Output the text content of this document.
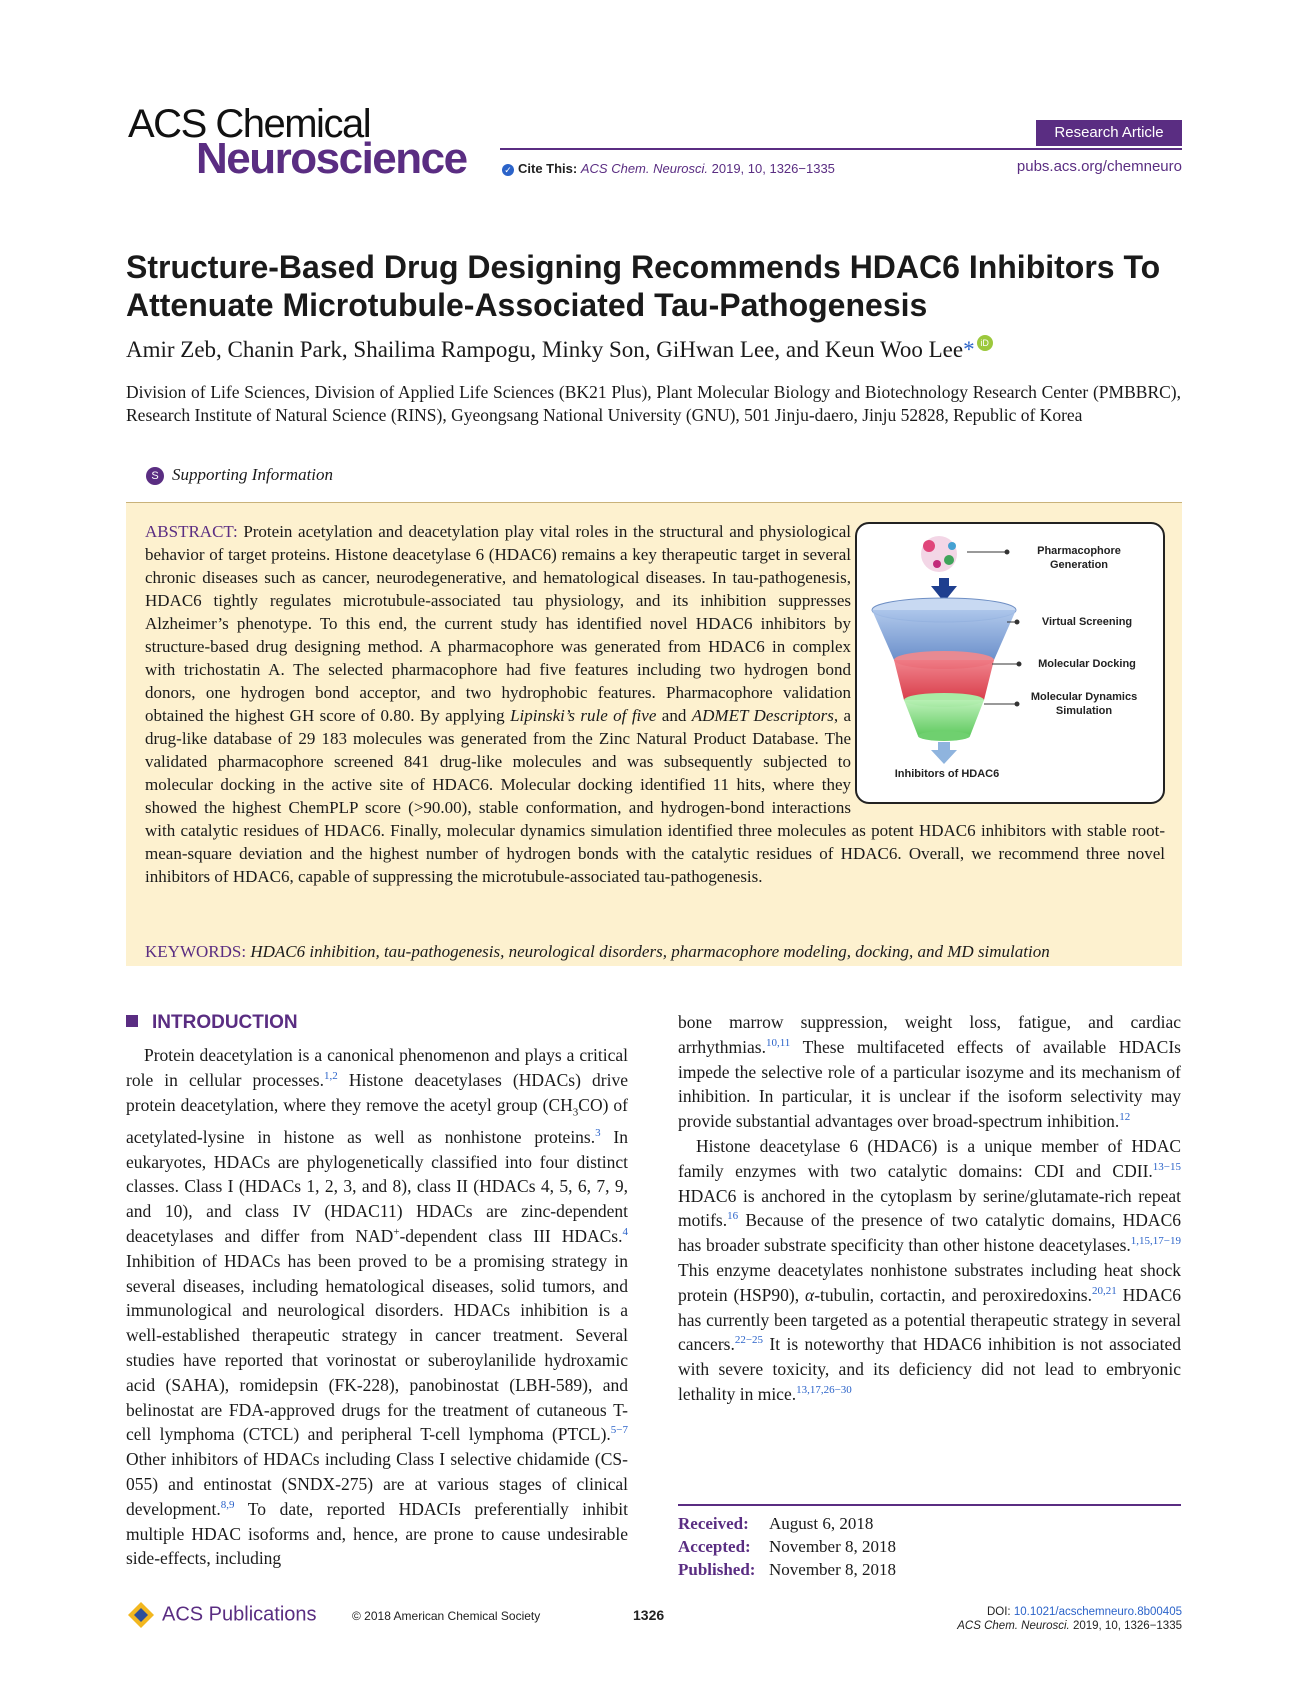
ACS Chemical
Neuroscience
Research Article
✓ Cite This: ACS Chem. Neurosci. 2019, 10, 1326−1335	pubs.acs.org/chemneuro
Structure-Based Drug Designing Recommends HDAC6 Inhibitors To Attenuate Microtubule-Associated Tau-Pathogenesis
Amir Zeb, Chanin Park, Shailima Rampogu, Minky Son, GiHwan Lee, and Keun Woo Lee* iD
Division of Life Sciences, Division of Applied Life Sciences (BK21 Plus), Plant Molecular Biology and Biotechnology Research Center (PMBBRC), Research Institute of Natural Science (RINS), Gyeongsang National University (GNU), 501 Jinju-daero, Jinju 52828, Republic of Korea
S Supporting Information
ABSTRACT: Protein acetylation and deacetylation play vital roles in the structural and physiological behavior of target proteins. Histone deacetylase 6 (HDAC6) remains a key therapeutic target in several chronic diseases such as cancer, neurodegenerative, and hematological diseases. In tau-pathogenesis, HDAC6 tightly regulates microtubule-associated tau physiology, and its inhibition suppresses Alzheimer’s phenotype. To this end, the current study has identified novel HDAC6 inhibitors by structure-based drug designing method. A pharmacophore was generated from HDAC6 in complex with trichostatin A. The selected pharmacophore had five features including two hydrogen bond donors, one hydrogen bond acceptor, and two hydrophobic features. Pharmacophore validation obtained the highest GH score of 0.80. By applying Lipinski’s rule of five and ADMET Descriptors, a drug-like database of 29 183 molecules was generated from the Zinc Natural Product Database. The validated pharmacophore screened 841 drug-like molecules and was subsequently subjected to molecular docking in the active site of HDAC6. Molecular docking identified 11 hits, where they showed the highest ChemPLP score (>90.00), stable conformation, and hydrogen-bond interactions with catalytic residues of HDAC6. Finally, molecular dynamics simulation identified three molecules as potent HDAC6 inhibitors with stable root-mean-square deviation and the highest number of hydrogen bonds with the catalytic residues of HDAC6. Overall, we recommend three novel inhibitors of HDAC6, capable of suppressing the microtubule-associated tau-pathogenesis.
KEYWORDS: HDAC6 inhibition, tau-pathogenesis, neurological disorders, pharmacophore modeling, docking, and MD simulation
Pharmacophore Generation
Virtual Screening
Molecular Docking
Molecular Dynamics Simulation
Inhibitors of HDAC6
INTRODUCTION

Protein deacetylation is a canonical phenomenon and plays a critical role in cellular processes.$^{1,2}$ Histone deacetylases (HDACs) drive protein deacetylation, where they remove the acetyl group $(CH_3CO)$ of acetylated-lysine in histone as well as nonhistone proteins.$^3$ In eukaryotes, HDACs are phylogenetically classified into four distinct classes. Class I (HDACs 1, 2, 3, and 8), class II (HDACs 4, 5, 6, 7, 9, and 10), and class IV (HDAC11) HDACs are zinc-dependent deacetylases and differ from NAD+-dependent class III HDACs.$^4$ Inhibition of HDACs has been proved to be a promising strategy in several diseases, including hematological diseases, solid tumors, and immunological and neurological disorders. HDACs inhibition is a well-established therapeutic strategy in cancer treatment. Several studies have reported that vorinostat or suberoylanilide hydroxamic acid (SAHA), romidepsin (FK-228), panobinostat (LBH-589), and belinostat are FDA-approved drugs for the treatment of cutaneous T-cell lymphoma (CTCL) and peripheral T-cell lymphoma (PTCL).$^{5-7}$ Other inhibitors of HDACs including Class I selective chidamide (CS-055) and entinostat (SNDX-275) are at various stages of clinical development.$^{8,9}$ To date, reported HDACIs preferentially inhibit multiple HDAC isoforms and, hence, are prone to cause undesirable side-effects, including

bone marrow suppression, weight loss, fatigue, and cardiac arrhythmias.$^{10,11}$ These multifaceted effects of available HDACIs impede the selective role of a particular isozyme and its mechanism of inhibition. In particular, it is unclear if the isoform selectivity may provide substantial advantages over broad-spectrum inhibition.$^{12}$

Histone deacetylase 6 (HDAC6) is a unique member of HDAC family enzymes with two catalytic domains: CDI and CDII.$^{13-15}$ HDAC6 is anchored in the cytoplasm by serine/glutamate-rich repeat motifs.$^{16}$ Because of the presence of two catalytic domains, HDAC6 has broader substrate specificity than other histone deacetylases.$^{1,15,17-19}$ This enzyme deacetylates nonhistone substrates including heat shock protein (HSP90), α-tubulin, cortactin, and peroxiredoxins.$^{20,21}$ HDAC6 has currently been targeted as a potential therapeutic strategy in several cancers.$^{22-25}$ It is noteworthy that HDAC6 inhibition is not associated with severe toxicity, and its deficiency did not lead to embryonic lethality in mice.$^{13,17,26-30}$

Received: August 6, 2018
Accepted: November 8, 2018
Published: November 8, 2018
ACS Publications	© 2018 American Chemical Society	1326	DOI: 10.1021/acschemneuro.8b00405
ACS Chem. Neurosci. 2019, 10, 1326−1335
